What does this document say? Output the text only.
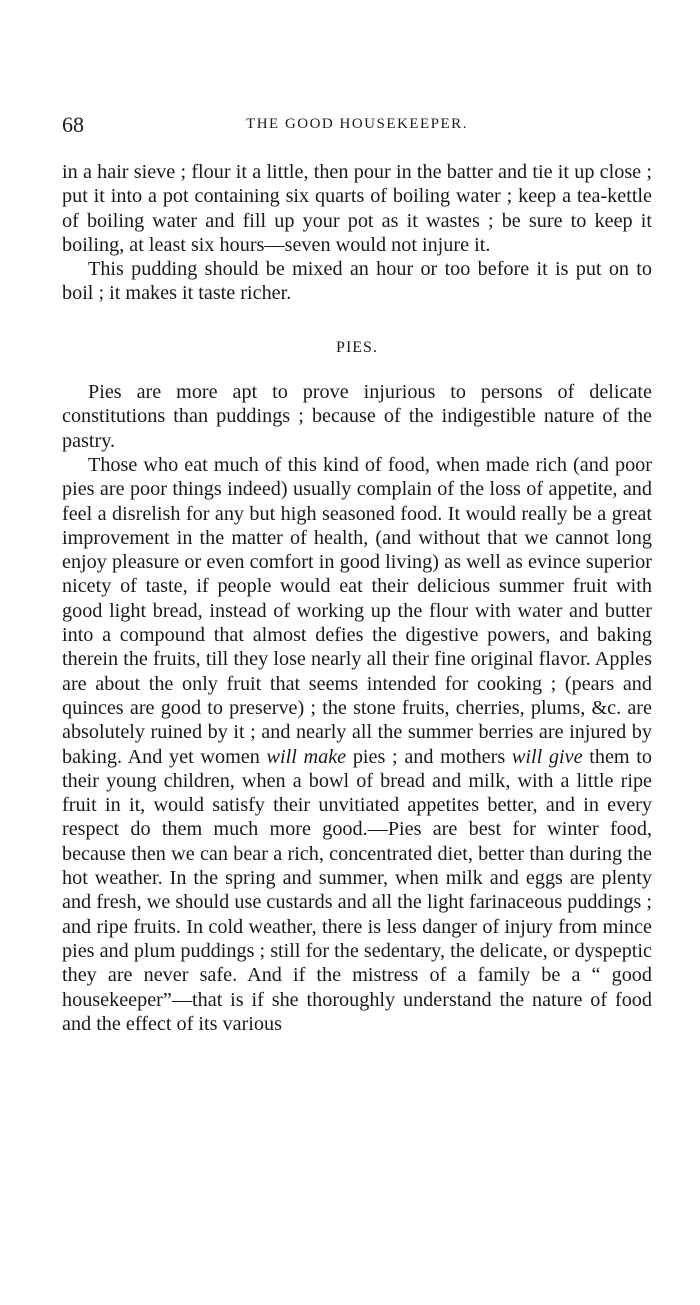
68	THE GOOD HOUSEKEEPER.

in a hair sieve ; flour it a little, then pour in the batter and tie it up close ; put it into a pot containing six quarts of boiling water ; keep a tea-kettle of boiling water and fill up your pot as it wastes ; be sure to keep it boiling, at least six hours—seven would not injure it.

This pudding should be mixed an hour or too before it is put on to boil ; it makes it taste richer.

PIES.

Pies are more apt to prove injurious to persons of delicate constitutions than puddings ; because of the indigestible nature of the pastry.

Those who eat much of this kind of food, when made rich (and poor pies are poor things indeed) usually complain of the loss of appetite, and feel a disrelish for any but high seasoned food. It would really be a great improvement in the matter of health, (and without that we cannot long enjoy pleasure or even comfort in good living) as well as evince superior nicety of taste, if people would eat their delicious summer fruit with good light bread, instead of working up the flour with water and butter into a compound that almost defies the digestive powers, and baking therein the fruits, till they lose nearly all their fine original flavor. Apples are about the only fruit that seems intended for cooking ; (pears and quinces are good to preserve) ; the stone fruits, cherries, plums, &c. are absolutely ruined by it ; and nearly all the summer berries are injured by baking. And yet women will make pies ; and mothers will give them to their young children, when a bowl of bread and milk, with a little ripe fruit in it, would satisfy their unvitiated appetites better, and in every respect do them much more good.—Pies are best for winter food, because then we can bear a rich, concentrated diet, better than during the hot weather. In the spring and summer, when milk and eggs are plenty and fresh, we should use custards and all the light farinaceous puddings ; and ripe fruits. In cold weather, there is less danger of injury from mince pies and plum puddings ; still for the sedentary, the delicate, or dyspeptic they are never safe. And if the mistress of a family be a “ good housekeeper”—that is if she thoroughly understand the nature of food and the effect of its various
